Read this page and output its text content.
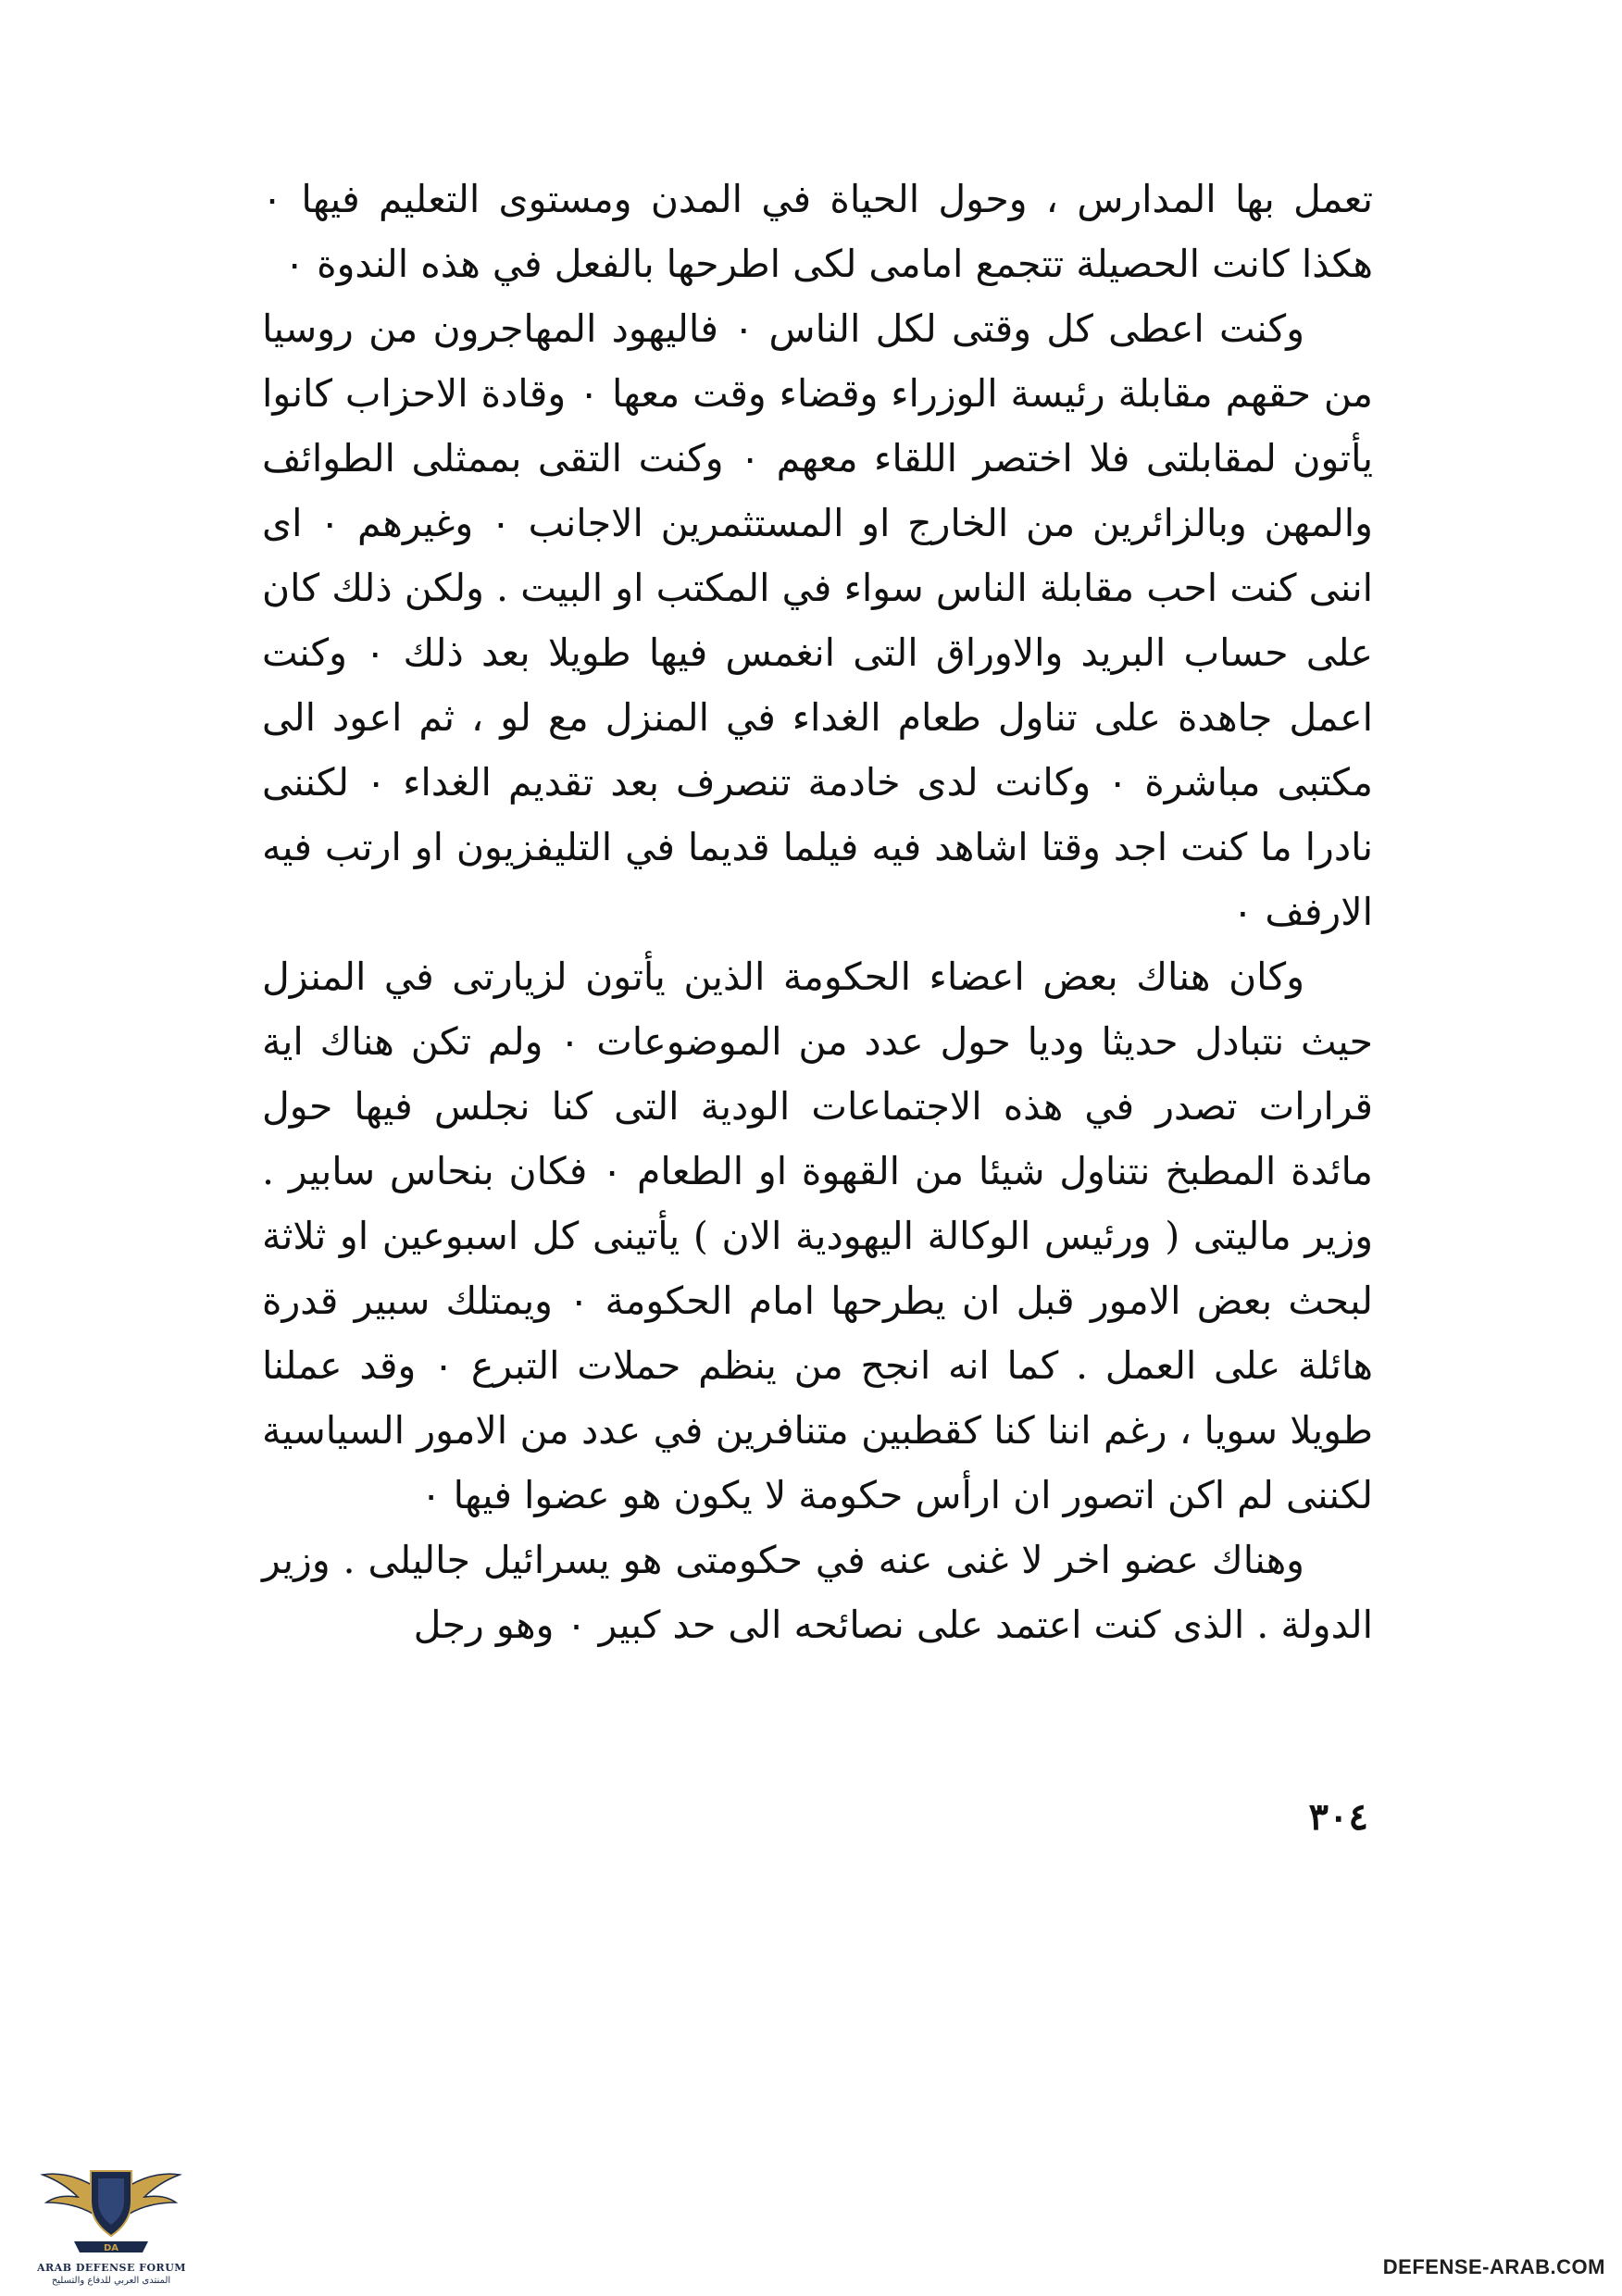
تعمل بها المدارس ، وحول الحياة في المدن ومستوى التعليم فيها ٠ هكذا كانت الحصيلة تتجمع امامى لكى اطرحها بالفعل في هذه الندوة ٠

وكنت اعطى كل وقتى لكل الناس ٠ فاليهود المهاجرون من روسيا من حقهم مقابلة رئيسة الوزراء وقضاء وقت معها ٠ وقادة الاحزاب كانوا يأتون لمقابلتى فلا اختصر اللقاء معهم ٠ وكنت التقى بممثلى الطوائف والمهن وبالزائرين من الخارج او المستثمرين الاجانب ٠ وغيرهم ٠ اى اننى كنت احب مقابلة الناس سواء في المكتب او البيت . ولكن ذلك كان على حساب البريد والاوراق التى انغمس فيها طويلا بعد ذلك ٠ وكنت اعمل جاهدة على تناول طعام الغداء في المنزل مع لو ، ثم اعود الى مكتبى مباشرة ٠ وكانت لدى خادمة تنصرف بعد تقديم الغداء ٠ لكننى نادرا ما كنت اجد وقتا اشاهد فيه فيلما قديما في التليفزيون او ارتب فيه الارفف ٠

وكان هناك بعض اعضاء الحكومة الذين يأتون لزيارتى في المنزل حيث نتبادل حديثا وديا حول عدد من الموضوعات ٠ ولم تكن هناك اية قرارات تصدر في هذه الاجتماعات الودية التى كنا نجلس فيها حول مائدة المطبخ نتناول شيئا من القهوة او الطعام ٠ فكان بنحاس سابير . وزير ماليتى ( ورئيس الوكالة اليهودية الان ) يأتينى كل اسبوعين او ثلاثة لبحث بعض الامور قبل ان يطرحها امام الحكومة ٠ ويمتلك سبير قدرة هائلة على العمل . كما انه انجح من ينظم حملات التبرع ٠ وقد عملنا طويلا سويا ، رغم اننا كنا كقطبين متنافرين في عدد من الامور السياسية لكننى لم اكن اتصور ان ارأس حكومة لا يكون هو عضوا فيها ٠

وهناك عضو اخر لا غنى عنه في حكومتى هو يسرائيل جاليلى . وزير الدولة . الذى كنت اعتمد على نصائحه الى حد كبير ٠ وهو رجل

٣٠٤
DA
ARAB DEFENSE FORUM
المنتدى العربي للدفاع والتسليح
DEFENSE-ARAB.COM
